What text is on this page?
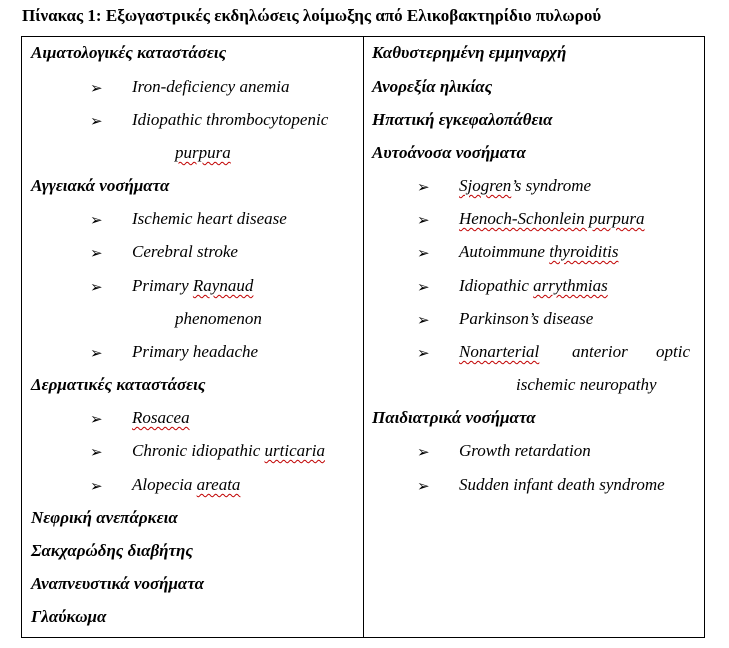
Πίνακας 1: Εξωγαστρικές εκδηλώσεις λοίμωξης από Ελικοβακτηρίδιο πυλωρού
Αιματολογικές καταστάσεις
➢ Iron-deficiency anemia
➢ Idiopathic thrombocytopenic
purpura
Αγγειακά νοσήματα
➢ Ischemic heart disease
➢ Cerebral stroke
➢ Primary Raynaud
phenomenon
➢ Primary headache
Δερματικές καταστάσεις
➢ Rosacea
➢ Chronic idiopathic urticaria
➢ Alopecia areata
Νεφρική ανεπάρκεια
Σακχαρώδης διαβήτης
Αναπνευστικά νοσήματα
Γλαύκωμα
Καθυστερημένη εμμηναρχή
Ανορεξία ηλικίας
Ηπατική εγκεφαλοπάθεια
Αυτοάνοσα νοσήματα
➢ Sjogren’s syndrome
➢ Henoch-Schonlein purpura
➢ Autoimmune thyroiditis
➢ Idiopathic arrythmias
➢ Parkinson’s disease
➢ Nonarterial anterior optic
ischemic neuropathy
Παιδιατρικά νοσήματα
➢ Growth retardation
➢ Sudden infant death syndrome
